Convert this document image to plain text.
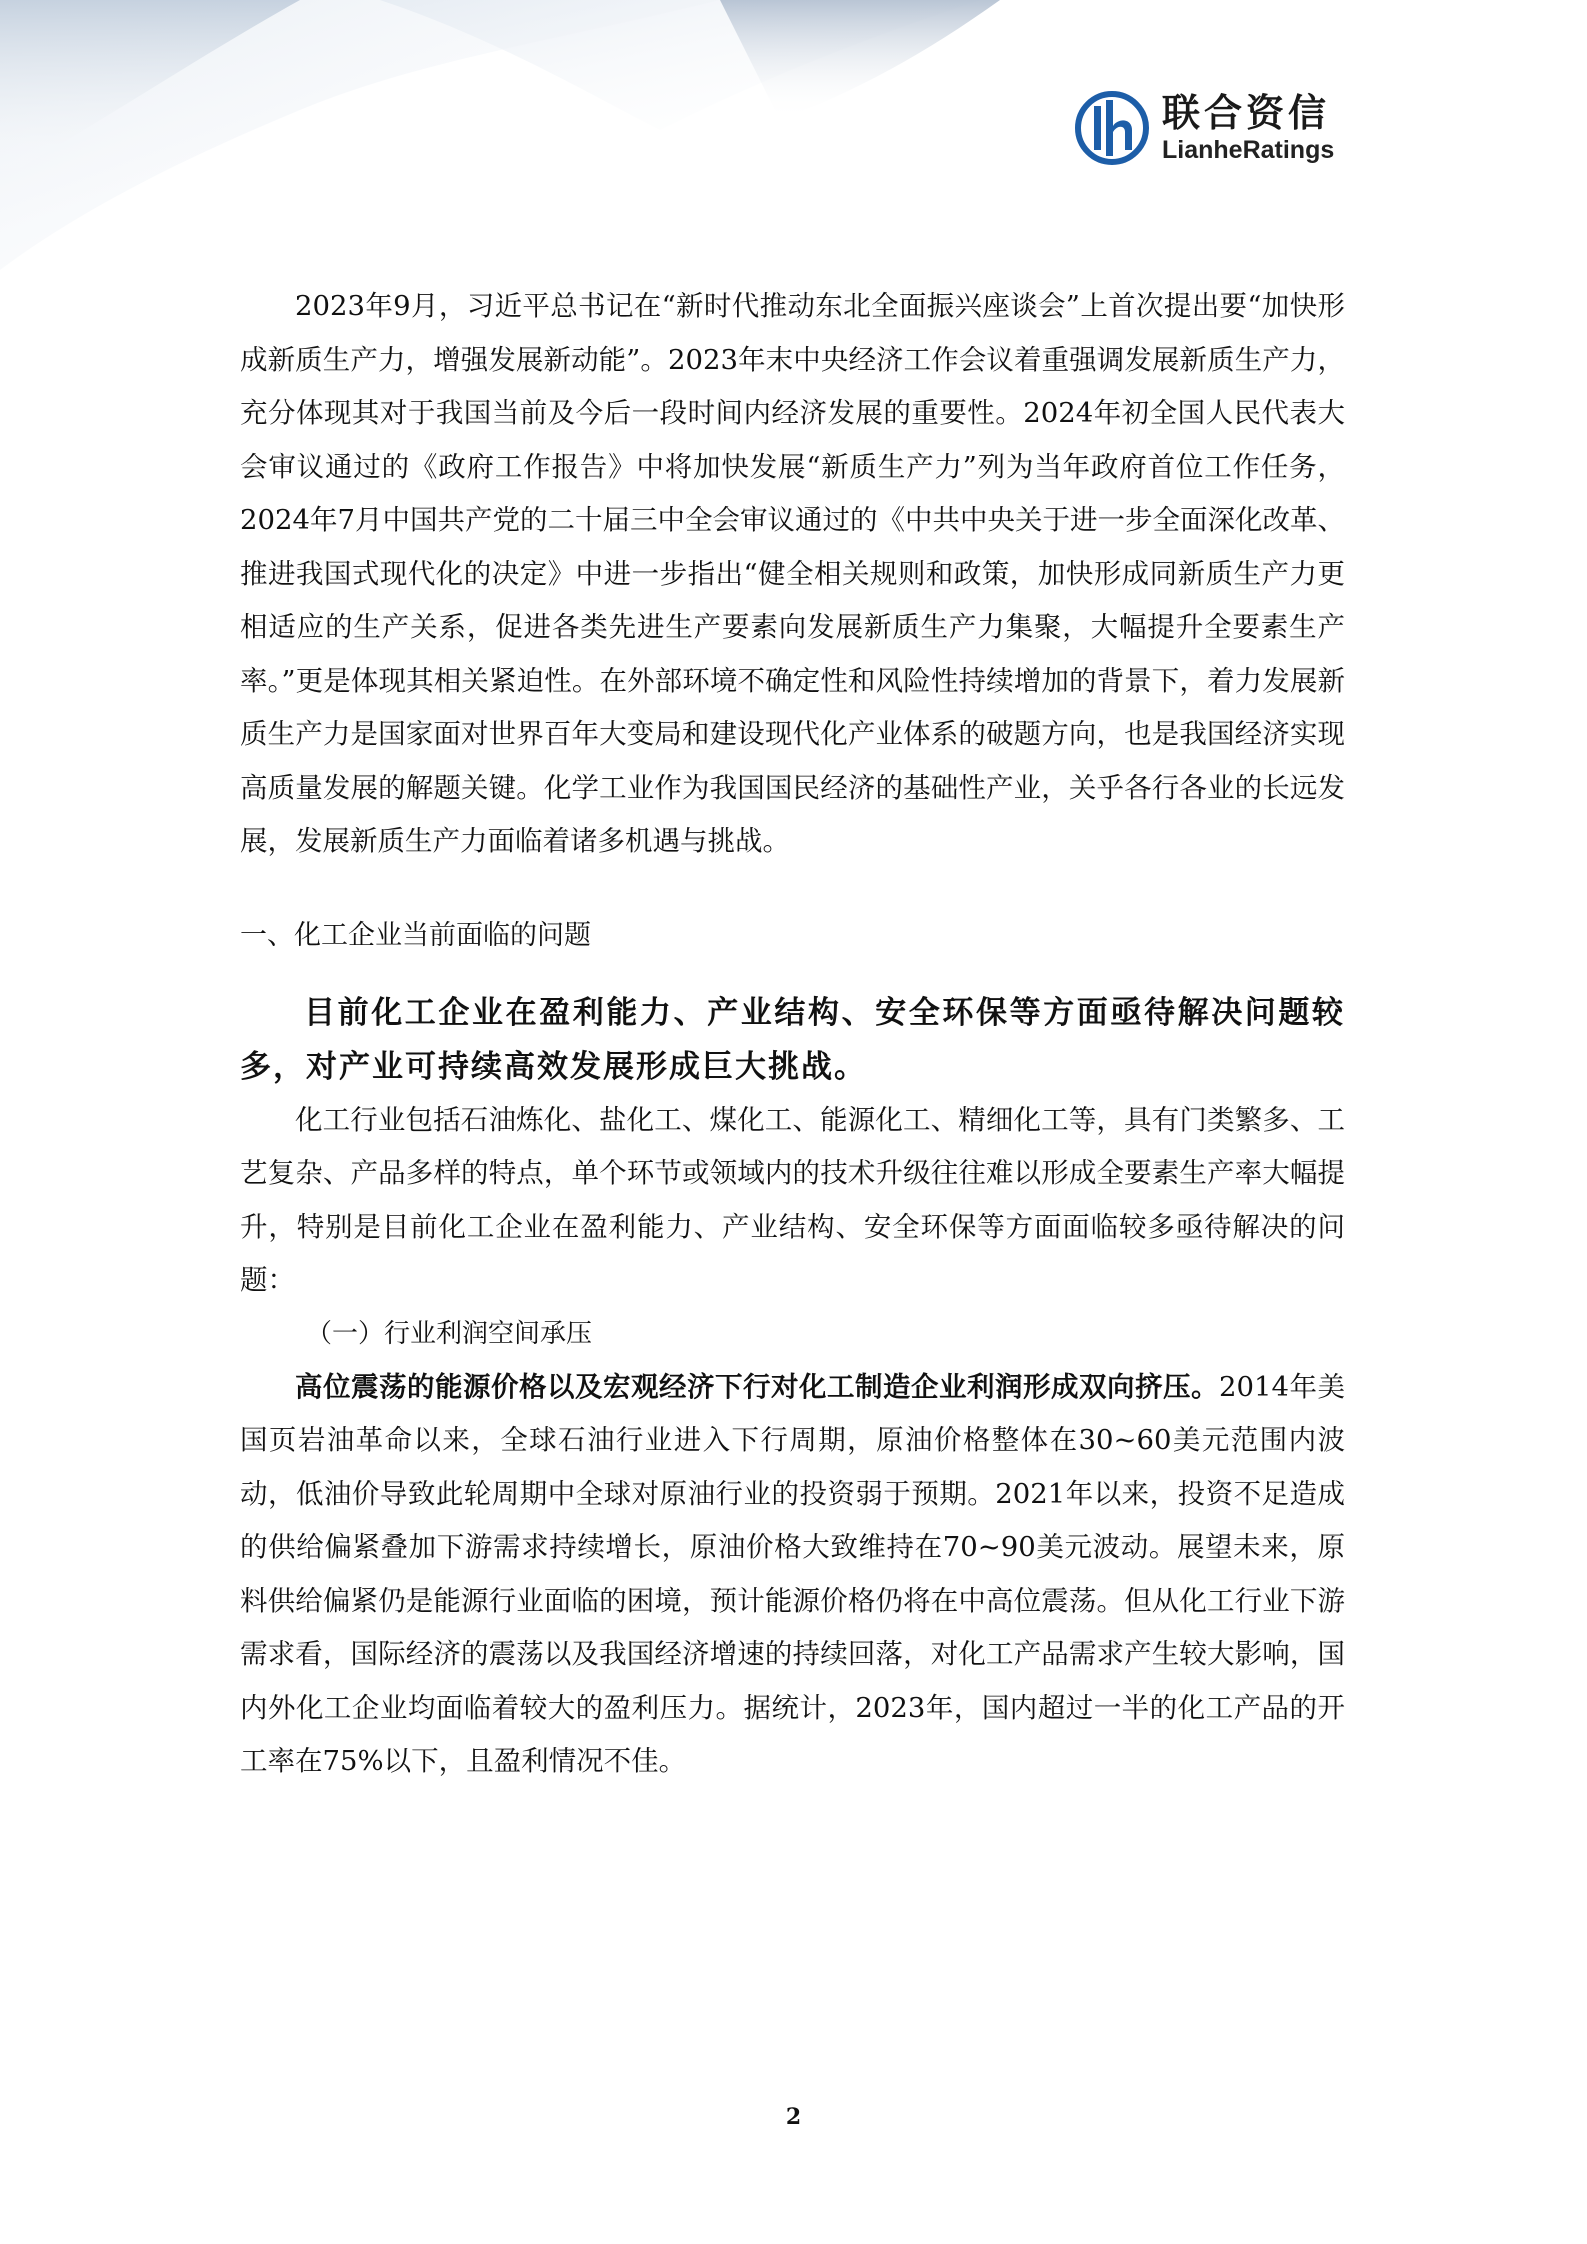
联合资信
LianheRatings

2023年9月，习近平总书记在“新时代推动东北全面振兴座谈会”上首次提出要“加快形成新质生产力，增强发展新动能”。2023年末中央经济工作会议着重强调发展新质生产力，充分体现其对于我国当前及今后一段时间内经济发展的重要性。2024年初全国人民代表大会审议通过的《政府工作报告》中将加快发展“新质生产力”列为当年政府首位工作任务，2024年7月中国共产党的二十届三中全会审议通过的《中共中央关于进一步全面深化改革、推进我国式现代化的决定》中进一步指出“健全相关规则和政策，加快形成同新质生产力更相适应的生产关系，促进各类先进生产要素向发展新质生产力集聚，大幅提升全要素生产率。”更是体现其相关紧迫性。在外部环境不确定性和风险性持续增加的背景下，着力发展新质生产力是国家面对世界百年大变局和建设现代化产业体系的破题方向，也是我国经济实现高质量发展的解题关键。化学工业作为我国国民经济的基础性产业，关乎各行各业的长远发展，发展新质生产力面临着诸多机遇与挑战。

一、化工企业当前面临的问题

目前化工企业在盈利能力、产业结构、安全环保等方面亟待解决问题较多，对产业可持续高效发展形成巨大挑战。

化工行业包括石油炼化、盐化工、煤化工、能源化工、精细化工等，具有门类繁多、工艺复杂、产品多样的特点，单个环节或领域内的技术升级往往难以形成全要素生产率大幅提升，特别是目前化工企业在盈利能力、产业结构、安全环保等方面面临较多亟待解决的问题：

（一）行业利润空间承压

高位震荡的能源价格以及宏观经济下行对化工制造企业利润形成双向挤压。2014年美国页岩油革命以来，全球石油行业进入下行周期，原油价格整体在30~60美元范围内波动，低油价导致此轮周期中全球对原油行业的投资弱于预期。2021年以来，投资不足造成的供给偏紧叠加下游需求持续增长，原油价格大致维持在70~90美元波动。展望未来，原料供给偏紧仍是能源行业面临的困境，预计能源价格仍将在中高位震荡。但从化工行业下游需求看，国际经济的震荡以及我国经济增速的持续回落，对化工产品需求产生较大影响，国内外化工企业均面临着较大的盈利压力。据统计，2023年，国内超过一半的化工产品的开工率在75%以下，且盈利情况不佳。

2
